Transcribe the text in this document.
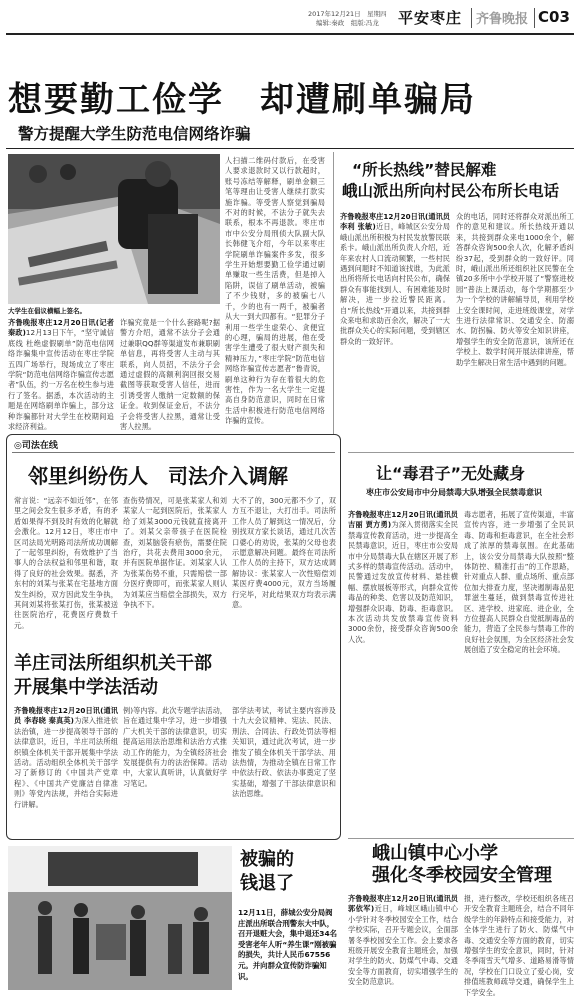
2017年12月21日　星期四
编辑:秦政　组版:冯龙 平安枣庄 齐鲁晚报 C03
想要勤工俭学　却遭刷单骗局
警方提醒大学生防范电信网络诈骗
大学生在倡议横幅上签名。
齐鲁晚报枣庄12月20日讯(记者 秦政)12月13日下午，“坚守诚信底线 杜绝虚假刷单”防范电信网络诈骗集中宣传活动在枣庄学院五四广场举行，现场成立了枣庄学院“防范电信网络诈骗宣传志愿者”队伍，约一万名在校生参与进行了签名。据悉，本次活动的主题是在网络刷单诈骗上，部分这种诈骗都针对大学生在校期间追求经济利益。
诈骗究竟是一个什么套路呢?据警方介绍，通常不法分子会通过兼职QQ群等渠道发布兼职刷单信息，再将受害人主动与其联系，向人员招，不法分子会通过虚假的高额利润回报交易截图等获取受害人信任，进而引诱受害人缴纳一定数额的保证金。收到保证金后，不法分子会将受害人拉黑，通常让受害人拉黑。
人扫描二维码付款后，在受害人要求退款时又以行款超时，账号冻结等解释，刷单金额三笔等理由让受害人继续打款实施诈骗。等受害人察觉到骗局不对的时候，不法分子就失去联系，根本不再退款。枣庄市市中公安分局刑侦大队副大队长韩健飞介绍，今年以来枣庄学院刷单诈骗案件多发，很多学生开始想要勤工俭学通过刷单赚取一些生活费，但是掉入陷阱，误信了刷单活动，被骗了不少钱财，多的被骗七八千，少的也有一两千，被骗者从大一到大四都有。“犯罪分子利用一些学生虚荣心、贪便宜的心理，骗局的进展，他在受害学生遭受了很大财产损失和精神压力，”枣庄学院“防范电信网络诈骗宣传志愿者”鲁青说，刷单这种行为存在着很大的危害性，作为一名大学生一定提高自身防范意识，同时在日常生活中积极进行防范电信网络诈骗的宣传。
“所长热线”替民解难
峨山派出所向村民公布所长电话
齐鲁晚报枣庄12月20日讯(通讯员 李利 张敏)近日，峰城区公安分局峨山派出所积极为村民发放警民联系卡。峨山派出所负责人介绍，近年来农村人口流动频繁，一些村民遇到问题时不知道该找谁，为此派出所将所长电话向村民公布，确保群众有事能找到人、有困难能及时解决，进一步拉近警民距离。自“所长热线”开通以来，共接到群众来电和求助百余次，解决了一大批群众关心的实际问题，受到辖区群众的一致好评。
众的电话，同时还将群众对派出所工作的意见和建议。所长热线开通以来，共接到群众来电1000余个，解答群众咨询500余人次，化解矛盾纠纷37起，受到群众的一致好评。同时，峨山派出所还组织社区民警在全镇20多所中小学校开展了“警察进校园”普法上课活动，每个学期都至少为一个学校的讲解辅导员，利用学校上安全课时间，走进班级课堂，对学生进行法律常识、交通安全、防溺水、防拐骗、防火等安全知识讲座，增强学生的安全防范意识，该所还在学校上、数学时间开展法律讲座，帮助学生解决日常生活中遇到的问题。
◎司法在线
邻里纠纷伤人　司法介入调解
常言说：“远亲不如近邻”，在邻里之间会发生很多矛盾，有的矛盾如果得不到及时有效的化解就会激化。12月12日，枣庄市中区司法局光明路司法所成功调解了一起邻里纠纷，有效维护了当事人的合法权益和邻里和谐，取得了良好的社会效果。据悉，齐东村的刘某与张某在宅基地方面发生纠纷，双方因此发生争执，其间刘某将张某打伤，张某被送往医院治疗，花费医疗费数千元。
查伤势情况，可是张某家人和刘某家人一起到医院后，张某家人给了刘某3000元钱就直接离开了。刘某父亲带孩子在医院检查，刘某脑袋有瘀伤，需要住院治疗，共花去费用3000余元，并有医院单据作证。刘某家人认为张某伤势不重，只需赔偿一部分医疗费即可，而张某家人则认为刘某应当赔偿全部损失，双方争执不下。
大不了的，300元都不少了，双方互不退让，大打出手。司法所工作人员了解到这一情况后，分别找双方家长谈话，通过几次苦口婆心的劝说，张某的父母也表示愿意解决问题。最终在司法所工作人员的主持下，双方达成调解协议：张某家人一次性赔偿刘某医疗费4000元，双方当场履行完毕，对此结果双方均表示满意。
羊庄司法所组织机关干部
开展集中学法活动
齐鲁晚报枣庄12月20日讯(通讯员 李春晓 秦真英)为深入推进依法治镇，进一步提高领导干部的法律意识，近日，羊庄司法所组织镇全体机关干部开展集中学法活动。活动组织全体机关干部学习了新修订的《中国共产党章程》、《中国共产党廉洁自律准则》等党内法规，并结合实际进行讲解。
例)等内容。此次专题学法活动，旨在通过集中学习，进一步增强广大机关干部的法律意识，切实提高运用法治思维和法治方式推动工作的能力，为全镇经济社会发展提供有力的法治保障。活动中，大家认真听讲，认真做好学习笔记。
部学法考试，考试主要内容涉及十九大会议精神、宪法、民法、刑法、合同法、行政处罚法等相关知识，通过此次考试，进一步推发了镇全体机关干部学法、用法热情，为推动全镇在日常工作中依法行政、依法办事奠定了坚实基础，增强了干部法律意识和法治思维。
让“毒君子”无处藏身
枣庄市公安局市中分局禁毒大队增强全民禁毒意识
齐鲁晚报枣庄12月20日讯(通讯员 吉丽 贾方勇)为深入贯彻落实全民禁毒宣传教育活动，进一步提高全民禁毒意识，近日，枣庄市公安局市中分局禁毒大队在辖区开展了形式多样的禁毒宣传活动。活动中，民警通过发放宣传材料、悬挂横幅、摆放展板等形式，向群众宣传毒品的种类、危害以及防范知识，增强群众识毒、防毒、拒毒意识。本次活动共发放禁毒宣传资料3000余份，接受群众咨询500余人次。
毒志愿者，拓展了宣传渠道，丰富宣传内容，进一步增强了全民识毒、防毒和拒毒意识，在全社会形成了浓厚的禁毒氛围。在此基础上，该公安分局禁毒大队按照“整体防控、精准打击”的工作思路，针对重点人群、重点场所、重点部位加大排查力度，坚决遏制毒品犯罪滋生蔓延，做到禁毒宣传进社区、进学校、进家庭、进企业，全方位提高人民群众自觉抵制毒品的能力，营造了全民参与禁毒工作的良好社会氛围，为全区经济社会发展创造了安全稳定的社会环境。
峨山镇中心小学
强化冬季校园安全管理
齐鲁晚报枣庄12月20日讯(通讯员 郭依军)近日，峰城区峨山镇中心小学针对冬季校园安全工作，结合学校实际，召开专题会议，全面部署冬季校园安全工作。会上要求各班级开展安全教育主题班会，加强对学生的防火、防煤气中毒、交通安全等方面教育，切实增强学生的安全防范意识。
报，进行整改，学校还组织各班召开安全教育主题班会，结合不同年级学生的年龄特点和接受能力，对全体学生进行了防火、防煤气中毒、交通安全等方面的教育，切实增强学生的安全意识，同时，针对冬季雨雪天气增多、道路易滑等情况，学校在门口设立了爱心岗，安排值班教师疏导交通，确保学生上下学安全。
被骗的
钱退了
12月11日，薛城公安分局阀庄派出所联合刑警东大中队，召开退赃大会，集中退还34名受害老年人听“养生课”刚被骗的损失，共计人民币67556元。并向群众宣传防诈骗知识。
